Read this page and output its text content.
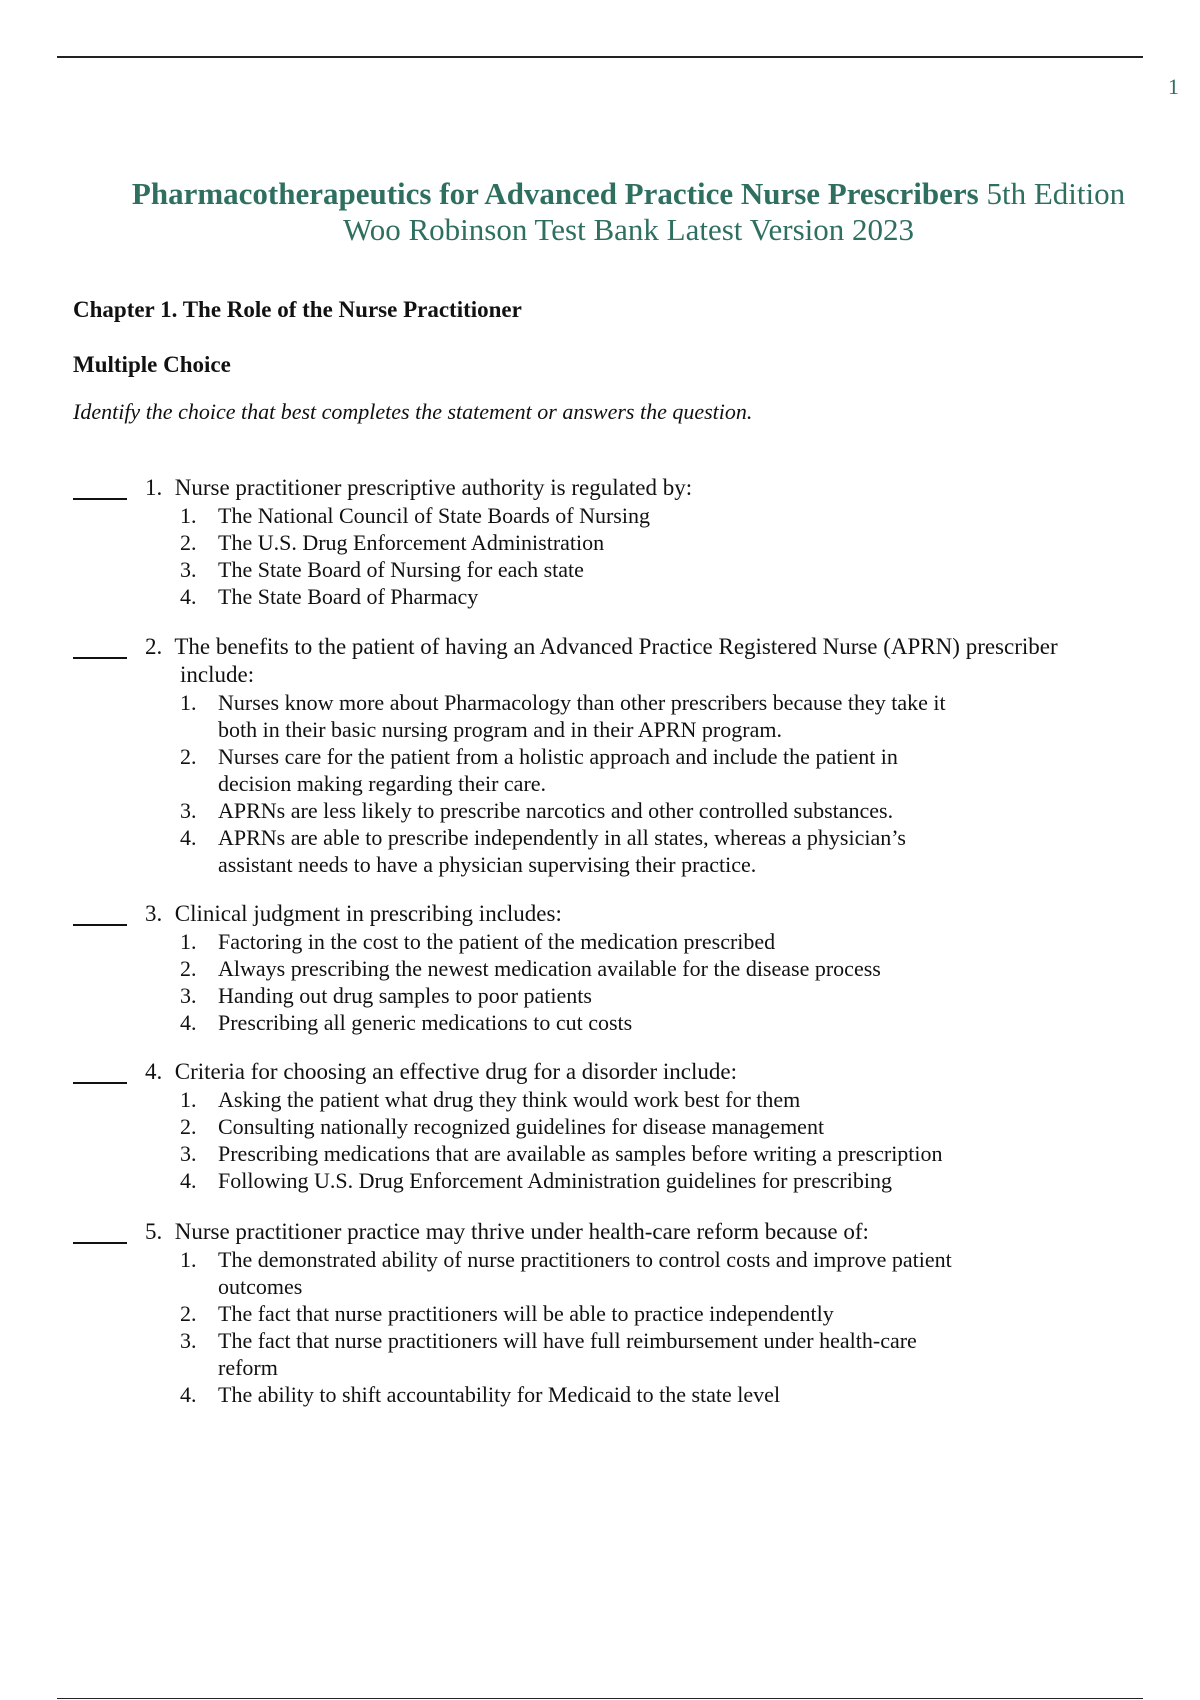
1
Pharmacotherapeutics for Advanced Practice Nurse Prescribers 5th Edition
Woo Robinson Test Bank Latest Version 2023
Chapter 1. The Role of the Nurse Practitioner
Multiple Choice
Identify the choice that best completes the statement or answers the question.
1. Nurse practitioner prescriptive authority is regulated by:
1. The National Council of State Boards of Nursing
2. The U.S. Drug Enforcement Administration
3. The State Board of Nursing for each state
4. The State Board of Pharmacy
2. The benefits to the patient of having an Advanced Practice Registered Nurse (APRN) prescriber
include:
1. Nurses know more about Pharmacology than other prescribers because they take it
both in their basic nursing program and in their APRN program.
2. Nurses care for the patient from a holistic approach and include the patient in
decision making regarding their care.
3. APRNs are less likely to prescribe narcotics and other controlled substances.
4. APRNs are able to prescribe independently in all states, whereas a physician’s
assistant needs to have a physician supervising their practice.
3. Clinical judgment in prescribing includes:
1. Factoring in the cost to the patient of the medication prescribed
2. Always prescribing the newest medication available for the disease process
3. Handing out drug samples to poor patients
4. Prescribing all generic medications to cut costs
4. Criteria for choosing an effective drug for a disorder include:
1. Asking the patient what drug they think would work best for them
2. Consulting nationally recognized guidelines for disease management
3. Prescribing medications that are available as samples before writing a prescription
4. Following U.S. Drug Enforcement Administration guidelines for prescribing
5. Nurse practitioner practice may thrive under health-care reform because of:
1. The demonstrated ability of nurse practitioners to control costs and improve patient
outcomes
2. The fact that nurse practitioners will be able to practice independently
3. The fact that nurse practitioners will have full reimbursement under health-care
reform
4. The ability to shift accountability for Medicaid to the state level
